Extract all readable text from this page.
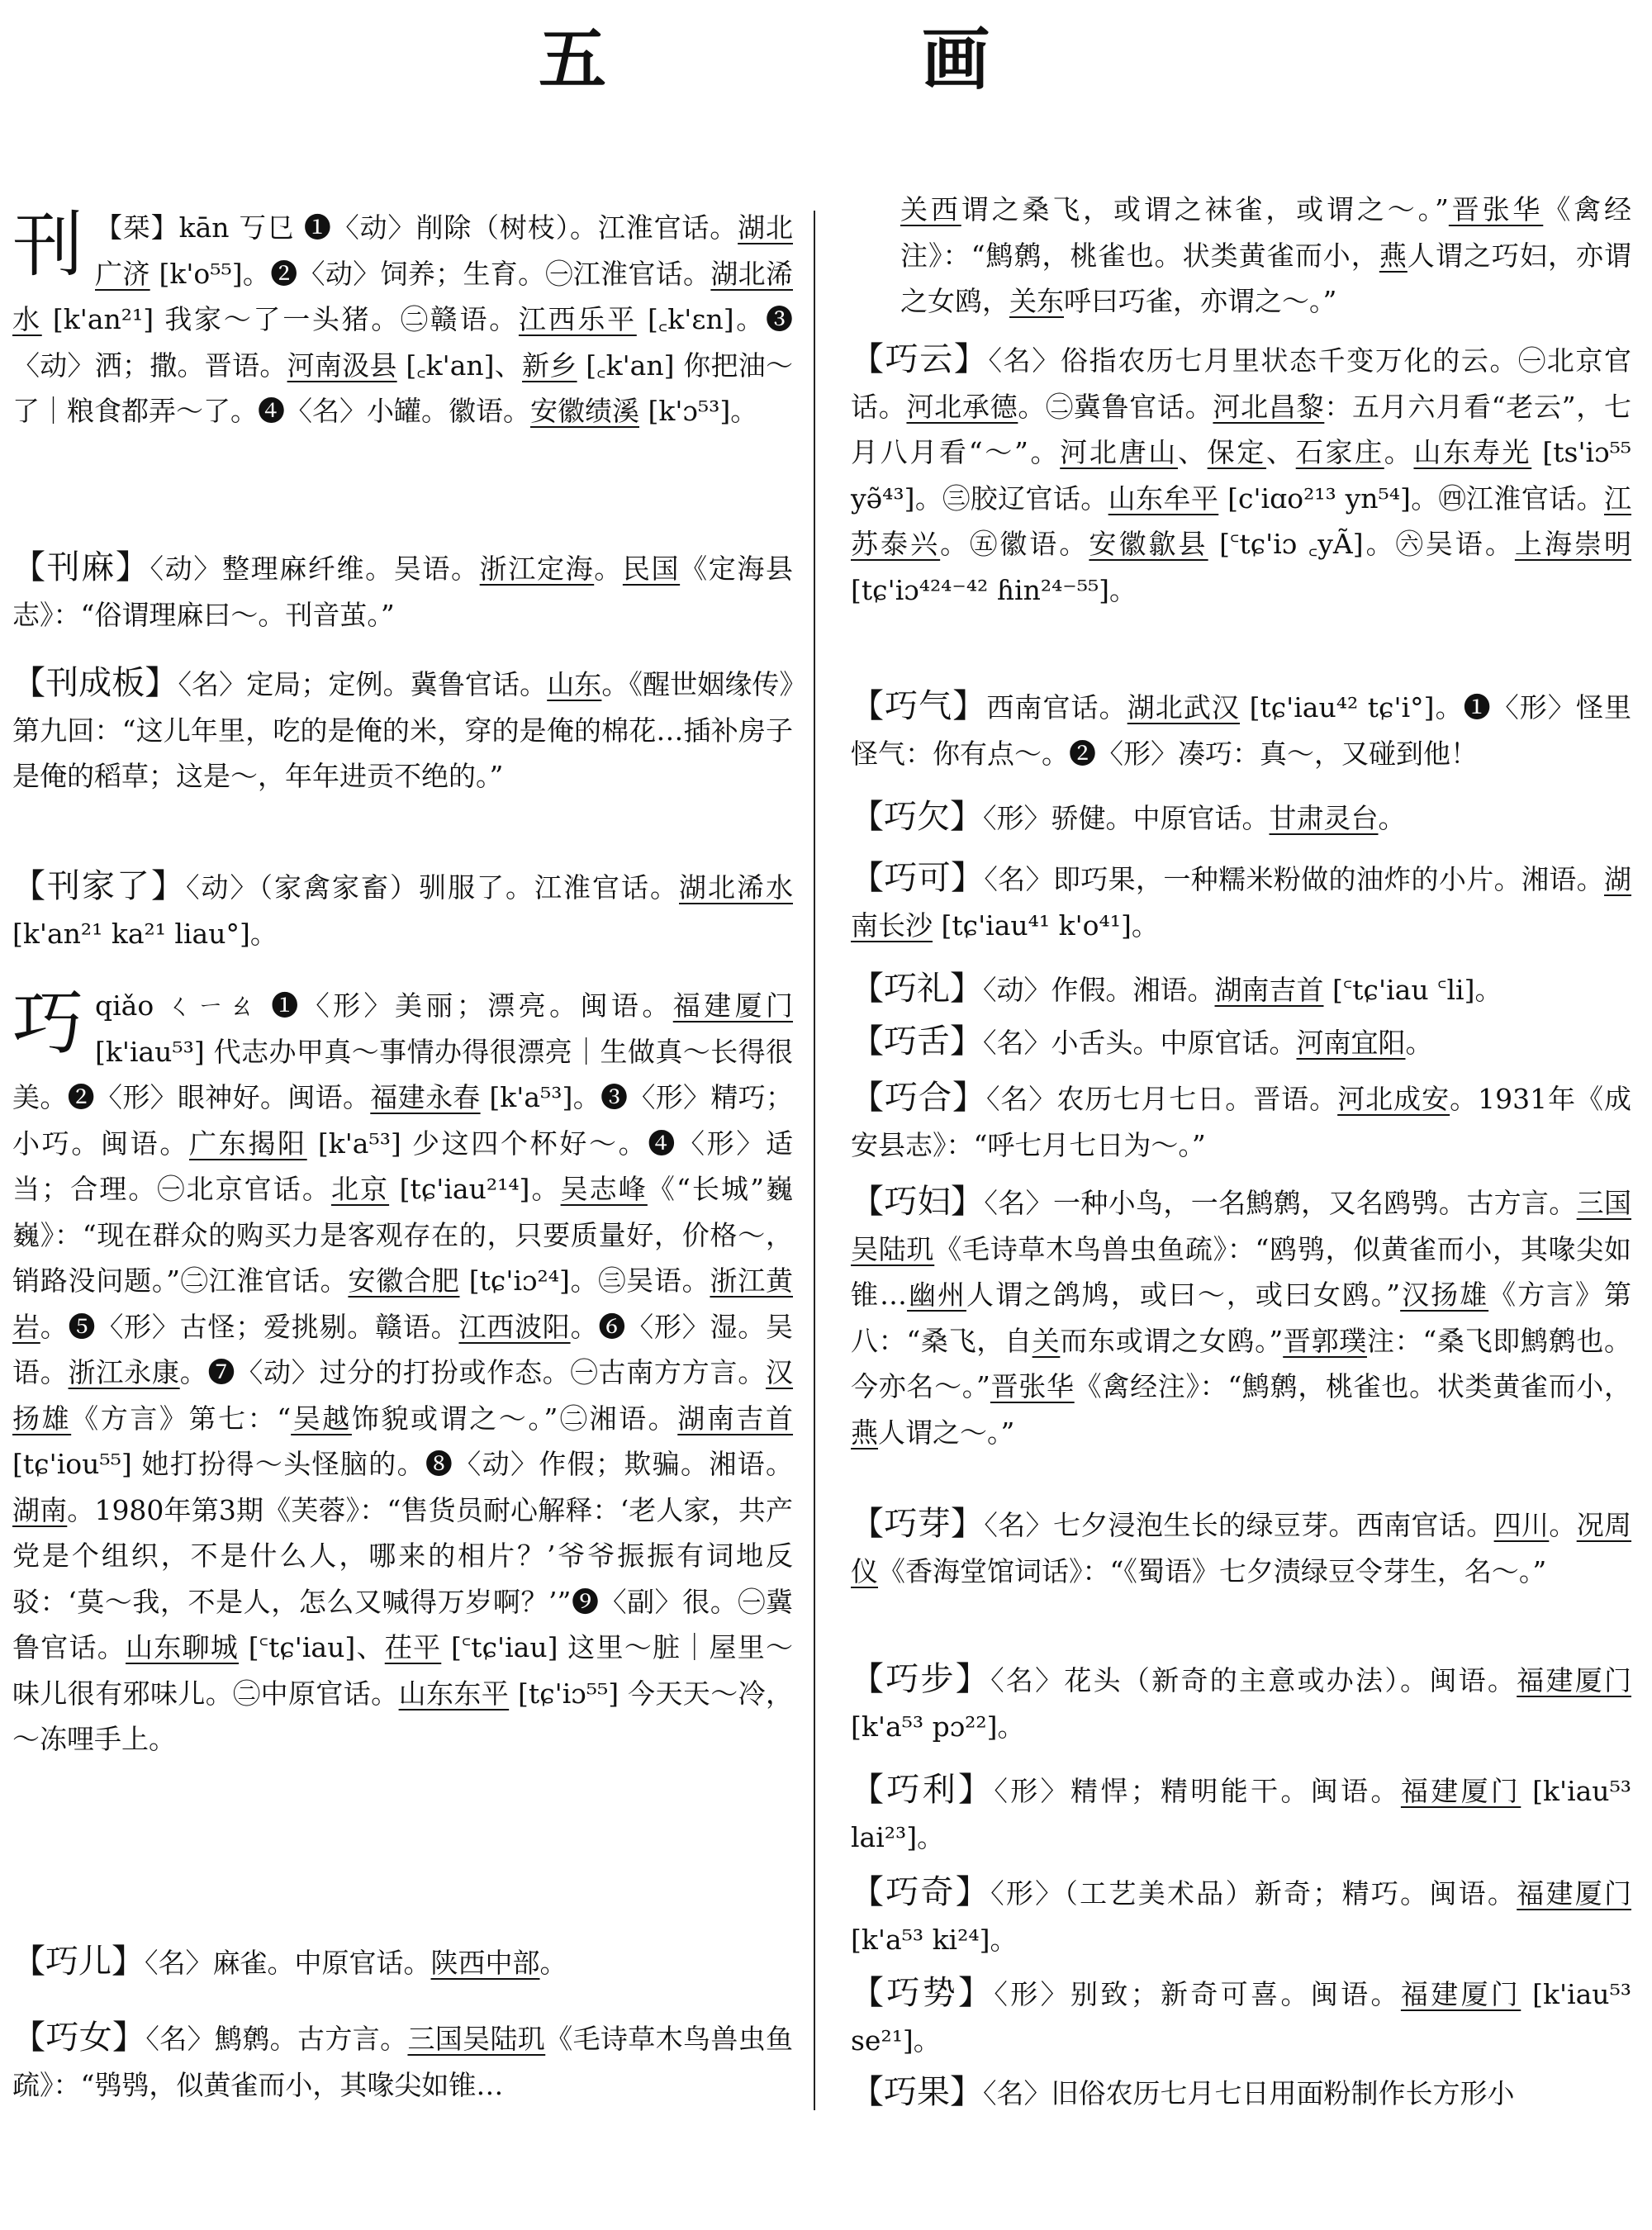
五　画
刊 【栞】kān 丂㔾 ❶〈动〉削除（树枝）。江淮官话。湖北广济 [k'o⁵⁵]。❷〈动〉饲养；生育。㊀江淮官话。湖北浠水 [k'an²¹] 我家～了一头猪。㊁赣语。江西乐平 [꜀k'ɛn]。❸〈动〉洒；撒。晋语。河南汲县 [꜀k'an]、新乡 [꜀k'an] 你把油～了｜粮食都弄～了。❹〈名〉小罐。徽语。安徽绩溪 [k'ɔ⁵³]。
【刊麻】〈动〉整理麻纤维。吴语。浙江定海。民国《定海县志》：“俗谓理麻曰～。刊音茧。”
【刊成板】〈名〉定局；定例。冀鲁官话。山东。《醒世姻缘传》第九回：“这儿年里，吃的是俺的米，穿的是俺的棉花…插补房子是俺的稻草；这是～，年年进贡不绝的。”
【刊家了】〈动〉（家禽家畜）驯服了。江淮官话。湖北浠水 [k'an²¹ ka²¹ liau°]。
巧qiǎo ㄑㄧㄠ ❶〈形〉美丽；漂亮。闽语。福建厦门 [k'iau⁵³] 代志办甲真～事情办得很漂亮｜生做真～长得很美。❷〈形〉眼神好。闽语。福建永春 [k'a⁵³]。❸〈形〉精巧；小巧。闽语。广东揭阳 [k'a⁵³] 少这四个杯好～。❹〈形〉适当；合理。㊀北京官话。北京 [tɕ'iau²¹⁴]。吴志峰《“长城”巍巍》：“现在群众的购买力是客观存在的，只要质量好，价格～，销路没问题。”㊁江淮官话。安徽合肥 [tɕ'iɔ²⁴]。㊂吴语。浙江黄岩。❺〈形〉古怪；爱挑剔。赣语。江西波阳。❻〈形〉湿。吴语。浙江永康。❼〈动〉过分的打扮或作态。㊀古南方方言。汉扬雄《方言》第七：“吴越饰貌或谓之～。”㊁湘语。湖南吉首 [tɕ'iou⁵⁵] 她打扮得～头怪脑的。❽〈动〉作假；欺骗。湘语。湖南。1980年第3期《芙蓉》：“售货员耐心解释：‘老人家，共产党是个组织，不是什么人，哪来的相片？’爷爷振振有词地反驳：‘莫～我，不是人，怎么又喊得万岁啊？’”❾〈副〉很。㊀冀鲁官话。山东聊城 [꜂tɕ'iau]、茌平 [꜂tɕ'iau] 这里～脏｜屋里～味儿很有邪味儿。㊁中原官话。山东东平 [tɕ'iɔ⁵⁵] 今天天～冷，～冻哩手上。
【巧儿】〈名〉麻雀。中原官话。陕西中部。
【巧女】〈名〉鹪鹩。古方言。三国吴陆玑《毛诗草木鸟兽虫鱼疏》：“鸮鸮，似黄雀而小，其喙尖如锥…
关西谓之桑飞，或谓之袜雀，或谓之～。”晋张华《禽经注》：“鹪鹩，桃雀也。状类黄雀而小，燕人谓之巧妇，亦谓之女鸥，关东呼曰巧雀，亦谓之～。”
【巧云】〈名〉俗指农历七月里状态千变万化的云。㊀北京官话。河北承德。㊁冀鲁官话。河北昌黎：五月六月看“老云”，七月八月看“～”。河北唐山、保定、石家庄。山东寿光 [ts'iɔ⁵⁵ yə̃⁴³]。㊂胶辽官话。山东牟平 [c'iɑo²¹³ yn⁵⁴]。㊃江淮官话。江苏泰兴。㊄徽语。安徽歙县 [꜂tɕ'iɔ ꜀yÃ]。㊅吴语。上海崇明 [tɕ'iɔ⁴²⁴⁻⁴² ɦin²⁴⁻⁵⁵]。
【巧气】西南官话。湖北武汉 [tɕ'iau⁴² tɕ'i°]。❶〈形〉怪里怪气：你有点～。❷〈形〉凑巧：真～，又碰到他！
【巧欠】〈形〉骄健。中原官话。甘肃灵台。
【巧可】〈名〉即巧果，一种糯米粉做的油炸的小片。湘语。湖南长沙 [tɕ'iau⁴¹ k'o⁴¹]。
【巧礼】〈动〉作假。湘语。湖南吉首 [꜂tɕ'iau ꜂li]。
【巧舌】〈名〉小舌头。中原官话。河南宜阳。
【巧合】〈名〉农历七月七日。晋语。河北成安。1931年《成安县志》：“呼七月七日为～。”
【巧妇】〈名〉一种小鸟，一名鹪鹩，又名鸥鸮。古方言。三国吴陆玑《毛诗草木鸟兽虫鱼疏》：“鸥鸮，似黄雀而小，其喙尖如锥…幽州人谓之鸽鸠，或曰～，或曰女鸥。”汉扬雄《方言》第八：“桑飞，自关而东或谓之女鸥。”晋郭璞注：“桑飞即鹪鹩也。今亦名～。”晋张华《禽经注》：“鹪鹩，桃雀也。状类黄雀而小，燕人谓之～。”
【巧芽】〈名〉七夕浸泡生长的绿豆芽。西南官话。四川。况周仪《香海堂馆词话》：“《蜀语》七夕渍绿豆令芽生，名～。”
【巧步】〈名〉花头（新奇的主意或办法）。闽语。福建厦门 [k'a⁵³ pɔ²²]。
【巧利】〈形〉精悍；精明能干。闽语。福建厦门 [k'iau⁵³ lai²³]。
【巧奇】〈形〉（工艺美术品）新奇；精巧。闽语。福建厦门 [k'a⁵³ ki²⁴]。
【巧势】〈形〉别致；新奇可喜。闽语。福建厦门 [k'iau⁵³ se²¹]。
【巧果】〈名〉旧俗农历七月七日用面粉制作长方形小
